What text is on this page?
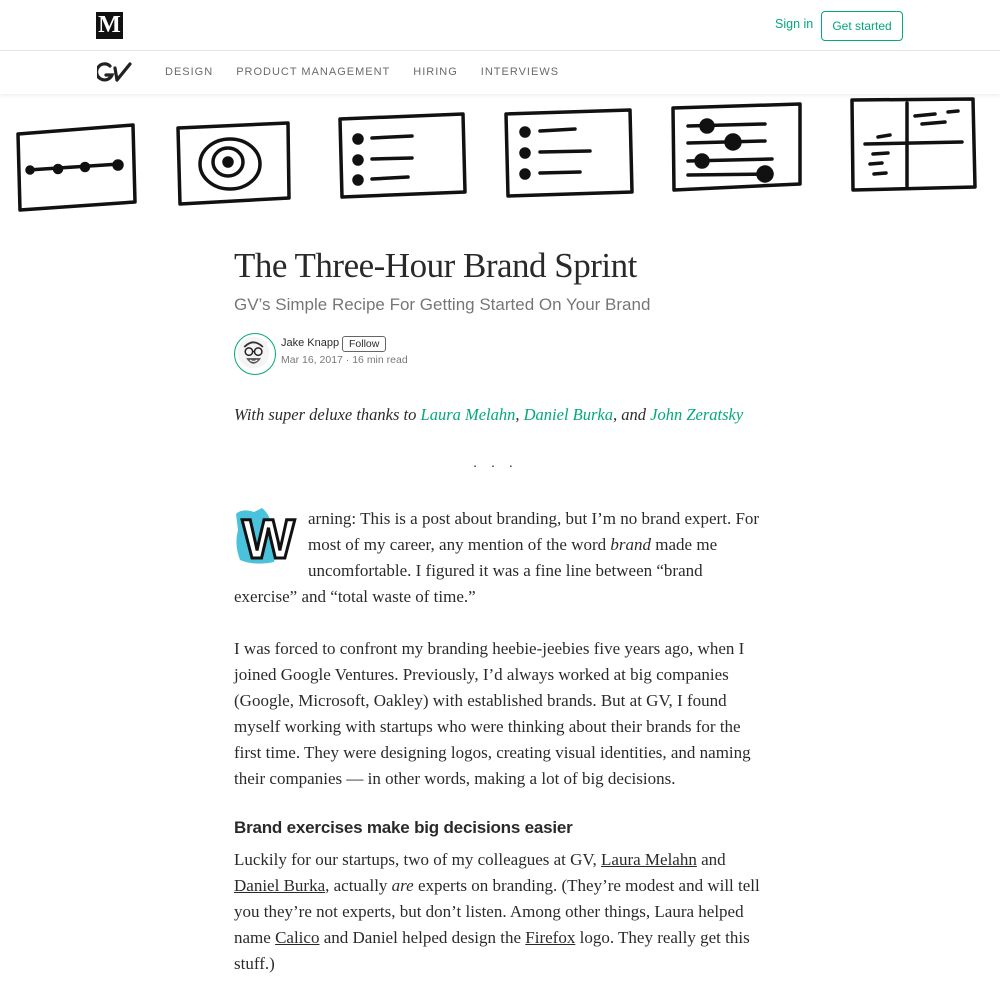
M	Sign in	Get started
DESIGN PRODUCT MANAGEMENT HIRING INTERVIEWS
The Three-Hour Brand Sprint
GV’s Simple Recipe For Getting Started On Your Brand
Jake Knapp Follow
Mar 16, 2017 · 16 min read
With super deluxe thanks to Laura Melahn, Daniel Burka, and John Zeratsky
...

W arning: This is a post about branding, but I’m no brand expert. For most of my career, any mention of the word brand made me uncomfortable. I figured it was a fine line between “brand exercise” and “total waste of time.”

I was forced to confront my branding heebie-jeebies five years ago, when I joined Google Ventures. Previously, I’d always worked at big companies (Google, Microsoft, Oakley) with established brands. But at GV, I found myself working with startups who were thinking about their brands for the first time. They were designing logos, creating visual identities, and naming their companies — in other words, making a lot of big decisions.

Brand exercises make big decisions easier

Luckily for our startups, two of my colleagues at GV, Laura Melahn and Daniel Burka, actually are experts on branding. (They’re modest and will tell you they’re not experts, but don’t listen. Among other things, Laura helped name Calico and Daniel helped design the Firefox logo. They really get this stuff.)
